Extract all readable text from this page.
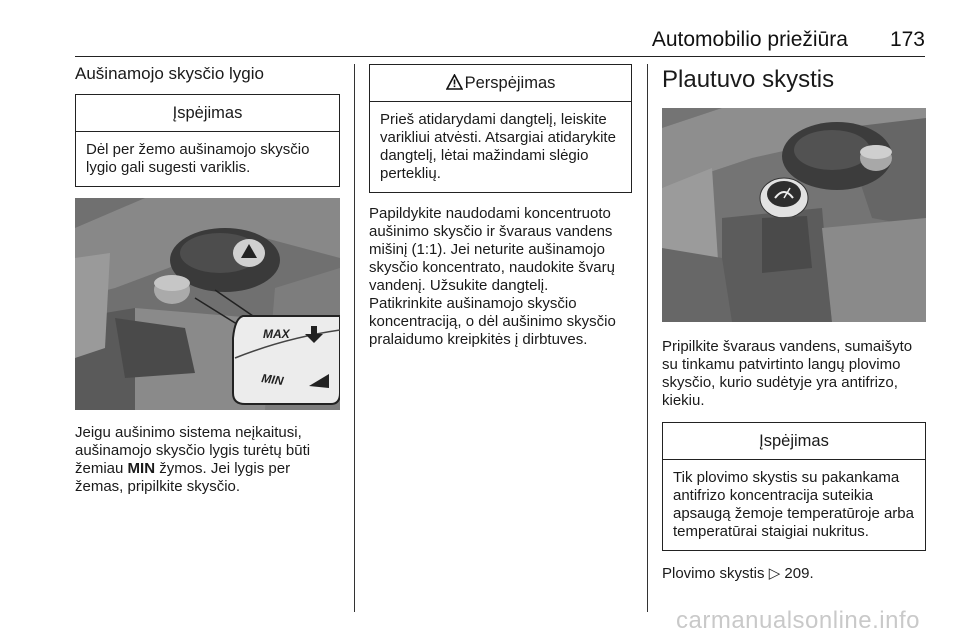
Automobilio priežiūra 173
Aušinamojo skysčio lygio
Įspėjimas
Dėl per žemo aušinamojo skysčio lygio gali sugesti variklis.
MAX
MIN

Jeigu aušinimo sistema neįkaitusi, aušinamojo skysčio lygis turėtų būti žemiau MIN žymos. Jei lygis per žemas, pripilkite skysčio.

Perspėjimas
Prieš atidarydami dangtelį, leiskite varikliui atvėsti. Atsargiai atidarykite dangtelį, lėtai mažindami slėgio perteklių.

Papildykite naudodami koncentruoto aušinimo skysčio ir švaraus vandens mišinį (1:1). Jei neturite aušinamojo skysčio koncentrato, naudokite švarų vandenį. Užsukite dangtelį.

Patikrinkite aušinamojo skysčio koncentraciją, o dėl aušinimo skysčio pralaidumo kreipkitės į dirbtuves.

Plautuvo skystis

Pripilkite švaraus vandens, sumaišyto su tinkamu patvirtinto langų plovimo skysčio, kurio sudėtyje yra antifrizo, kiekiu.

Įspėjimas
Tik plovimo skystis su pakankama antifrizo koncentracija suteikia apsaugą žemoje temperatūroje arba temperatūrai staigiai nukritus.

Plovimo skystis ▷ 209.

carmanualsonline.info
